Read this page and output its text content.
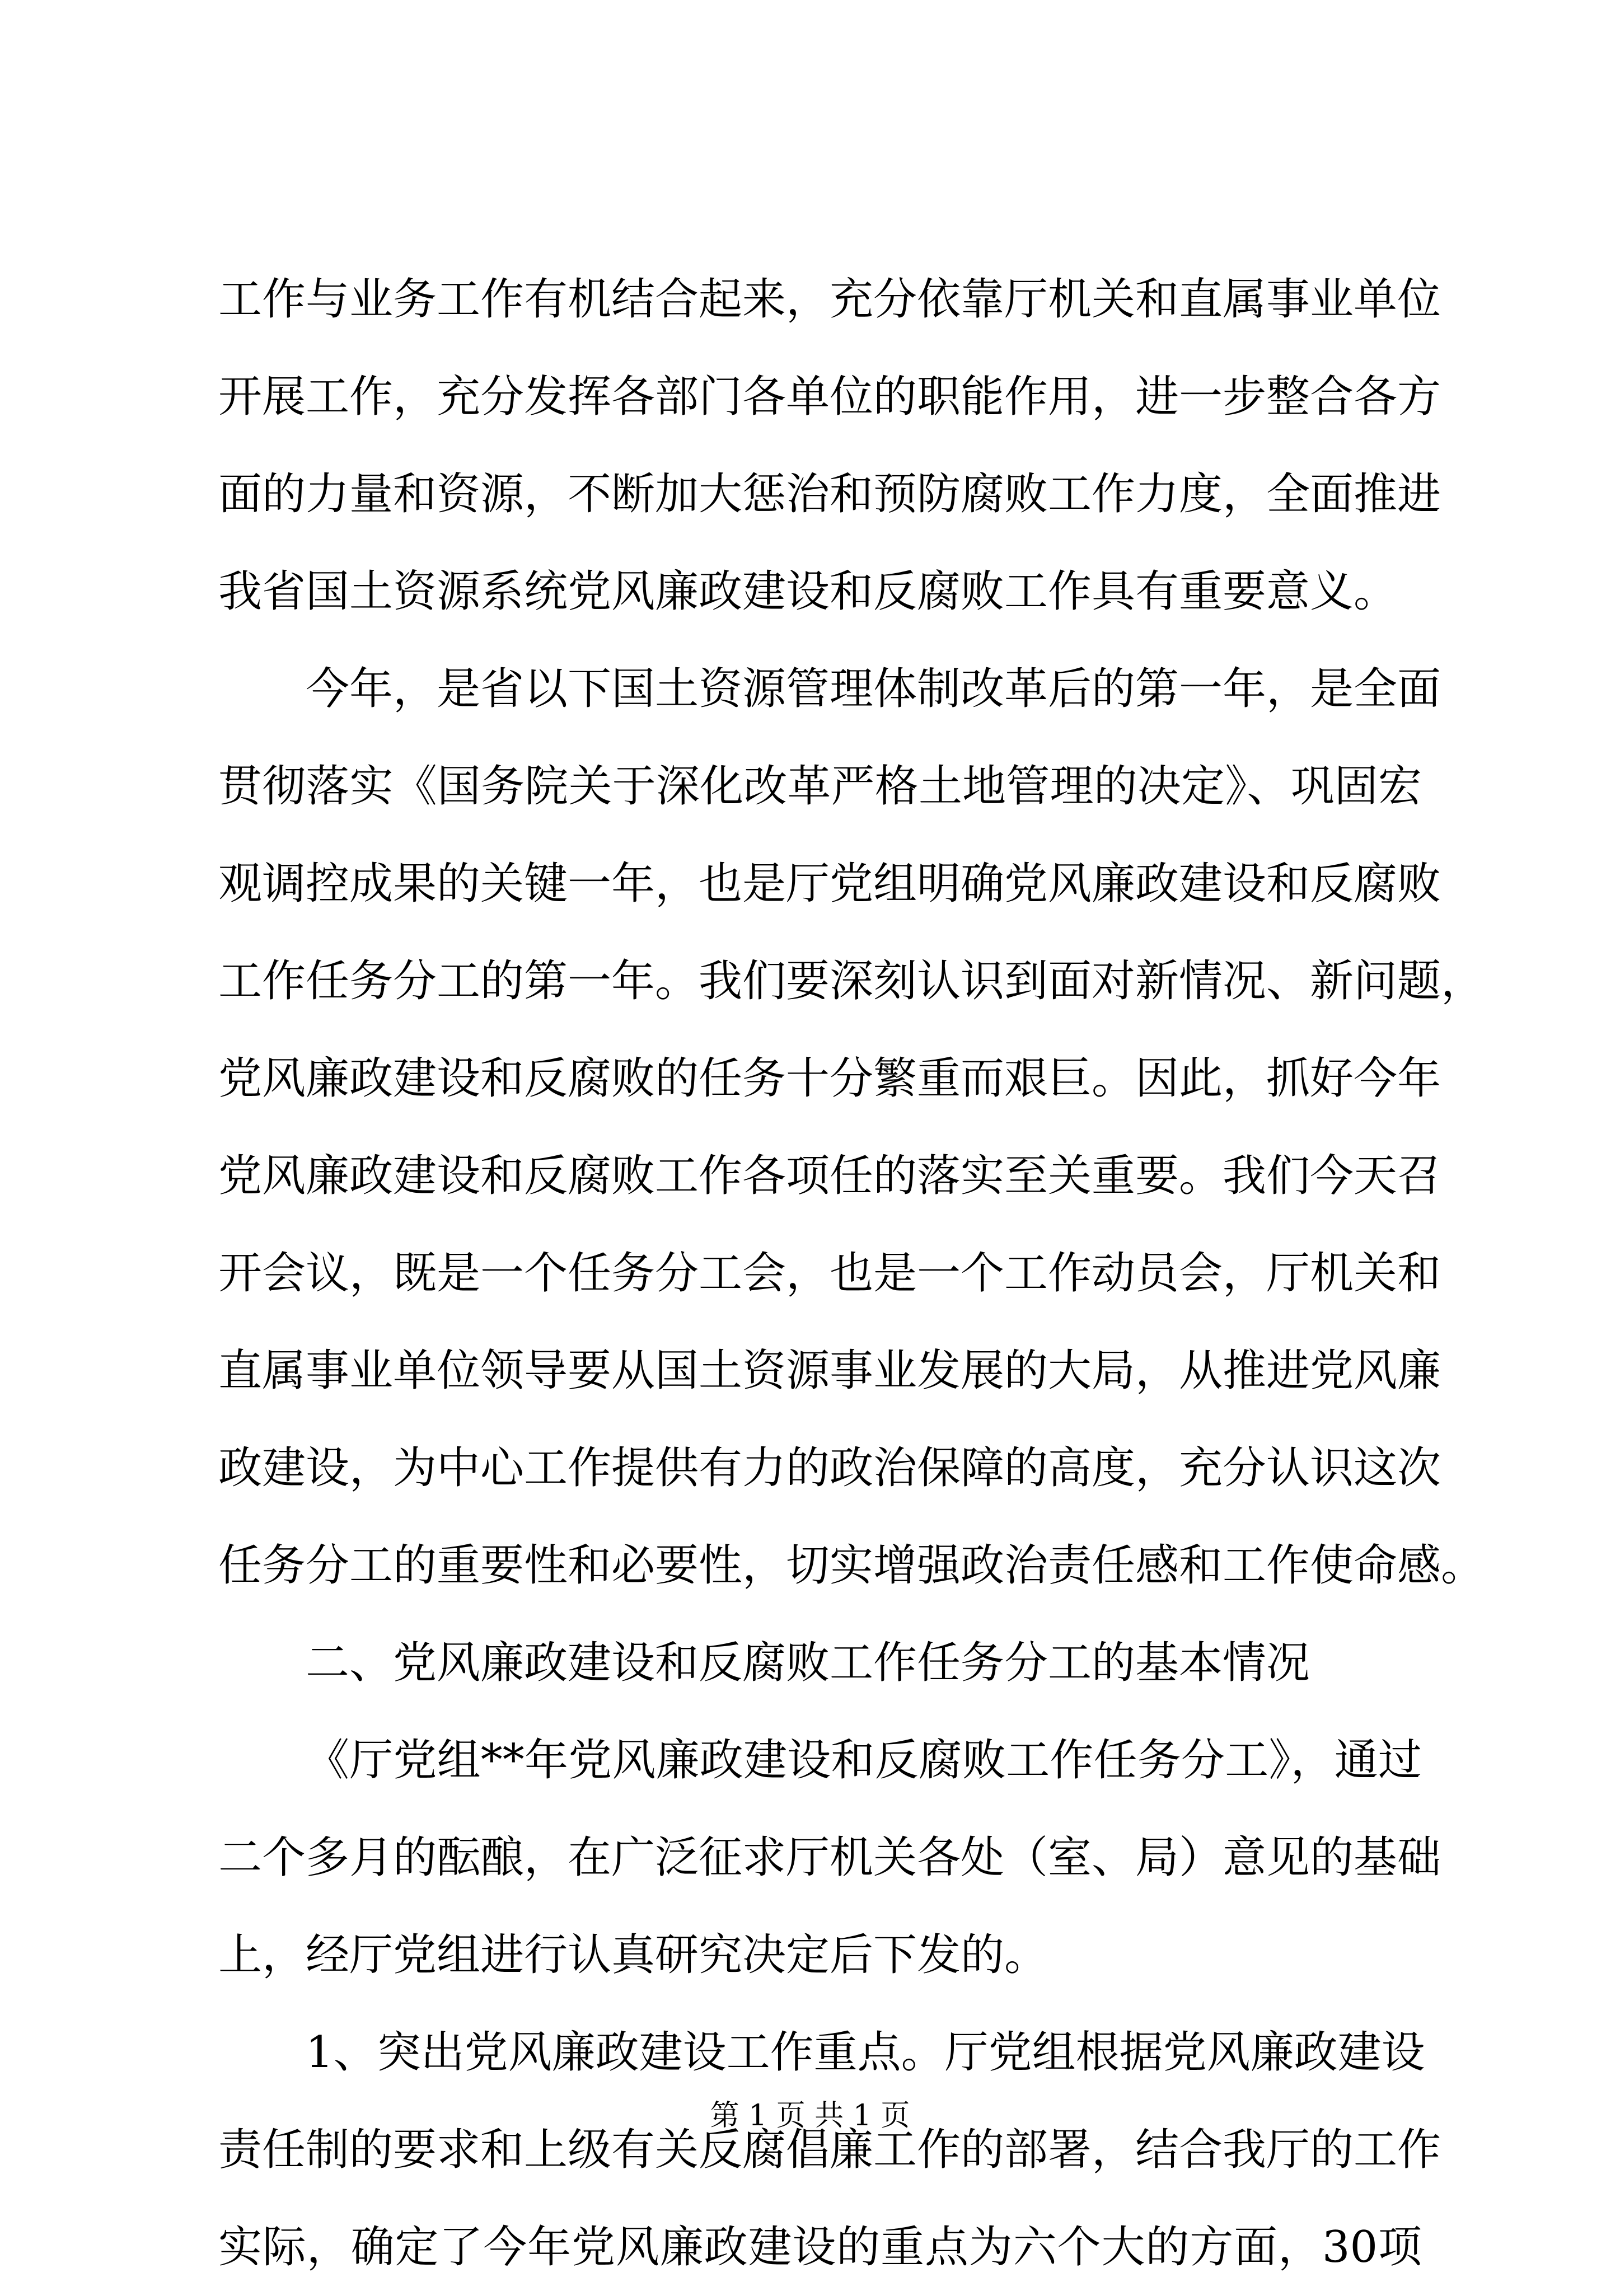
工作与业务工作有机结合起来，充分依靠厅机关和直属事业单位
开展工作，充分发挥各部门各单位的职能作用，进一步整合各方
面的力量和资源，不断加大惩治和预防腐败工作力度，全面推进
我省国土资源系统党风廉政建设和反腐败工作具有重要意义。
今年，是省以下国土资源管理体制改革后的第一年，是全面
贯彻落实《国务院关于深化改革严格土地管理的决定》、巩固宏
观调控成果的关键一年，也是厅党组明确党风廉政建设和反腐败
工作任务分工的第一年。我们要深刻认识到面对新情况、新问题，
党风廉政建设和反腐败的任务十分繁重而艰巨。因此，抓好今年
党风廉政建设和反腐败工作各项任的落实至关重要。我们今天召
开会议，既是一个任务分工会，也是一个工作动员会，厅机关和
直属事业单位领导要从国土资源事业发展的大局，从推进党风廉
政建设，为中心工作提供有力的政治保障的高度，充分认识这次
任务分工的重要性和必要性，切实增强政治责任感和工作使命感。
二、党风廉政建设和反腐败工作任务分工的基本情况
《厅党组**年党风廉政建设和反腐败工作任务分工》，通过
二个多月的酝酿，在广泛征求厅机关各处（室、局）意见的基础
上，经厅党组进行认真研究决定后下发的。
1、突出党风廉政建设工作重点。厅党组根据党风廉政建设
责任制的要求和上级有关反腐倡廉工作的部署，结合我厅的工作
实际，确定了今年党风廉政建设的重点为六个大的方面，30项
第 1 页 共 1 页
